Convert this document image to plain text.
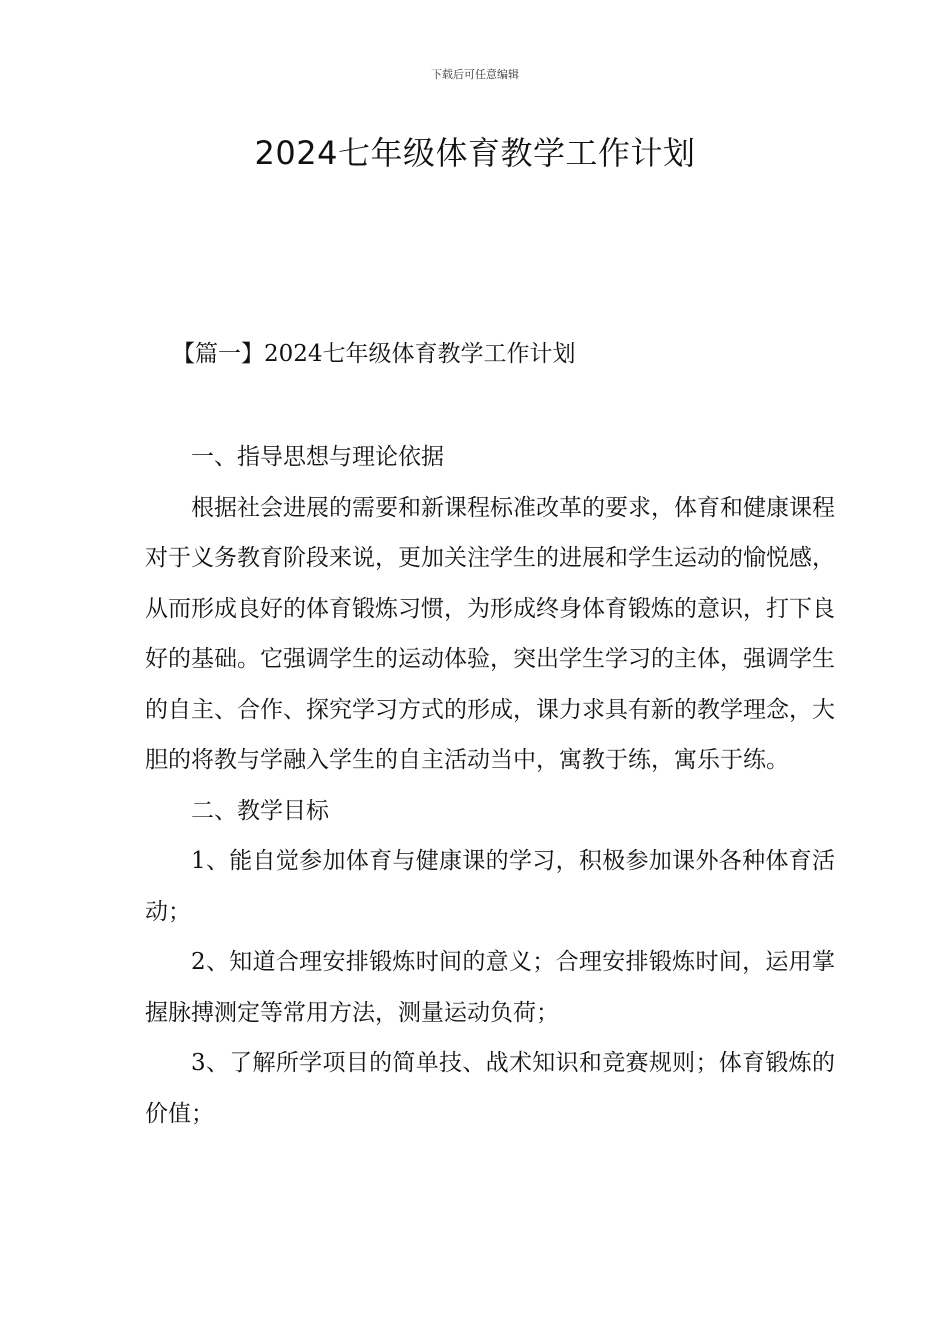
下载后可任意编辑
2024七年级体育教学工作计划
【篇一】2024七年级体育教学工作计划

一、指导思想与理论依据

根据社会进展的需要和新课程标准改革的要求，体育和健康课程对于义务教育阶段来说，更加关注学生的进展和学生运动的愉悦感，从而形成良好的体育锻炼习惯，为形成终身体育锻炼的意识，打下良好的基础。它强调学生的运动体验，突出学生学习的主体，强调学生的自主、合作、探究学习方式的形成，课力求具有新的教学理念，大胆的将教与学融入学生的自主活动当中，寓教于练，寓乐于练。

二、教学目标

1、能自觉参加体育与健康课的学习，积极参加课外各种体育活动；

2、知道合理安排锻炼时间的意义；合理安排锻炼时间，运用掌握脉搏测定等常用方法，测量运动负荷；

3、了解所学项目的简单技、战术知识和竞赛规则；体育锻炼的价值；
